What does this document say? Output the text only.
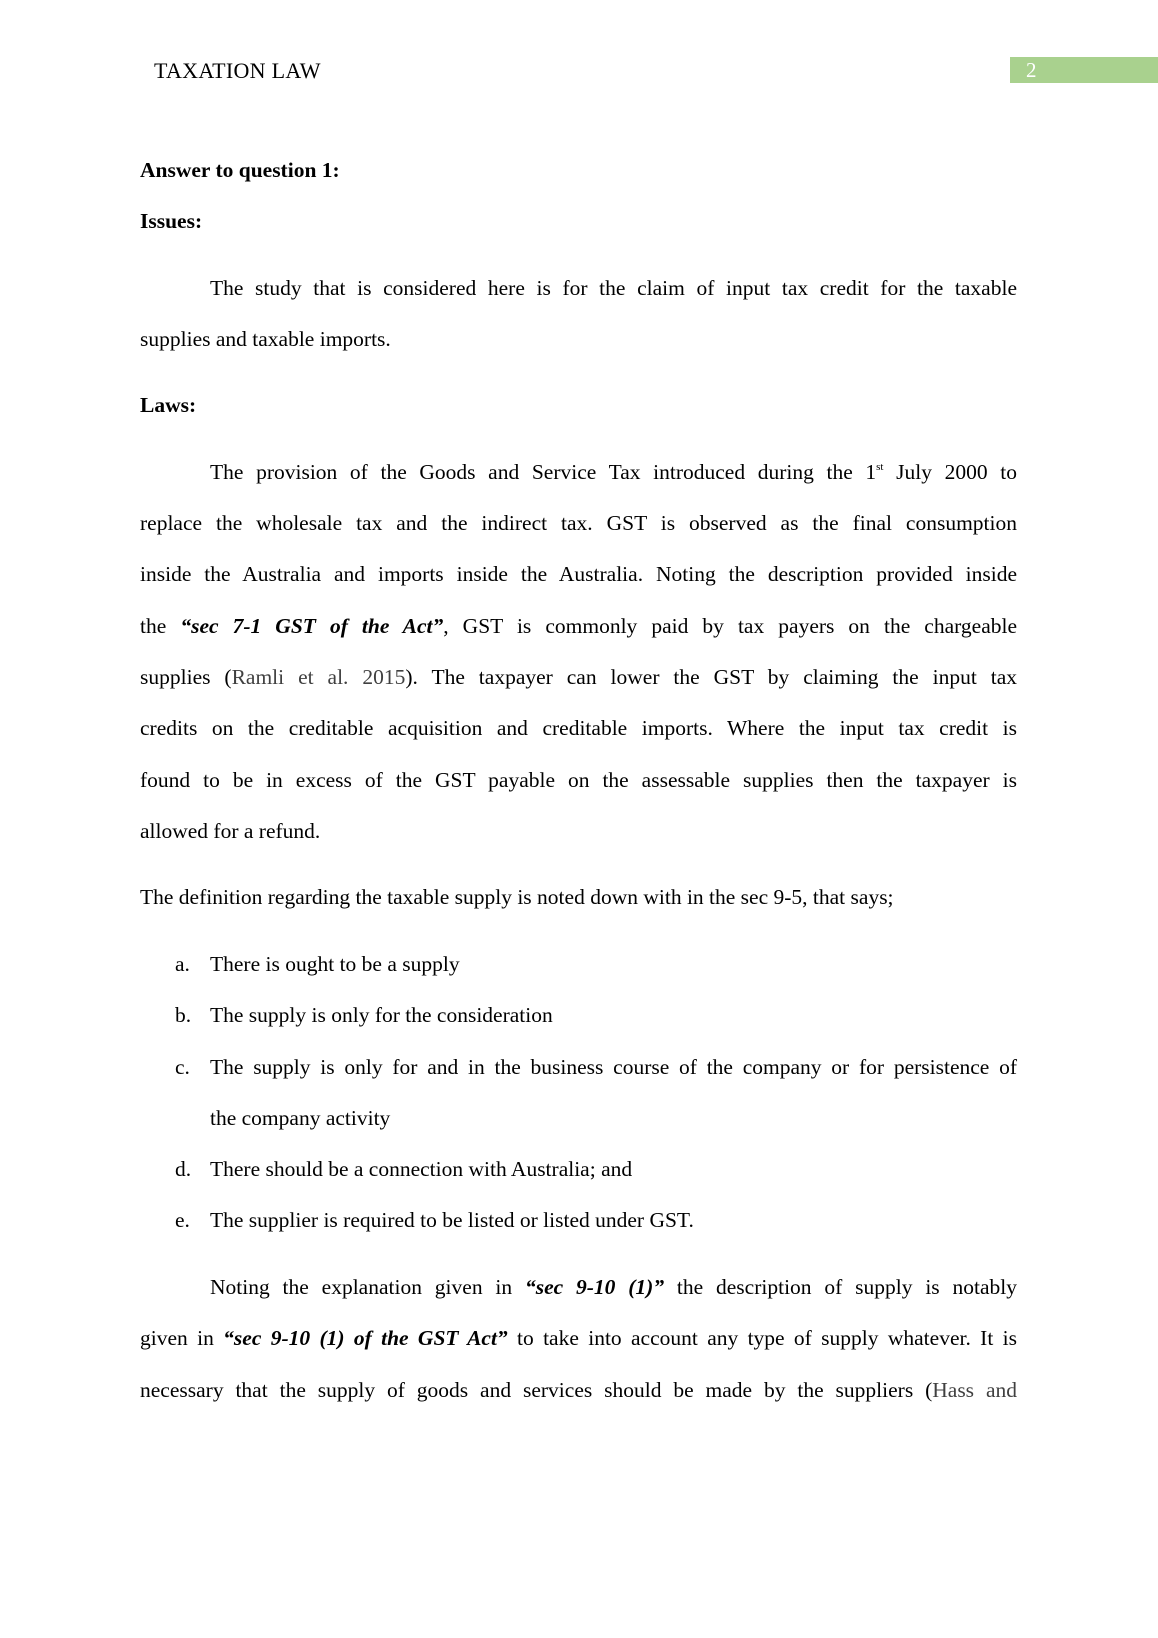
TAXATION LAW	2
Answer to question 1:
Issues:
The study that is considered here is for the claim of input tax credit for the taxable
supplies and taxable imports.
Laws:
The provision of the Goods and Service Tax introduced during the 1st July 2000 to
replace the wholesale tax and the indirect tax. GST is observed as the final consumption
inside the Australia and imports inside the Australia. Noting the description provided inside
the “sec 7-1 GST of the Act”, GST is commonly paid by tax payers on the chargeable
supplies (Ramli et al. 2015). The taxpayer can lower the GST by claiming the input tax
credits on the creditable acquisition and creditable imports. Where the input tax credit is
found to be in excess of the GST payable on the assessable supplies then the taxpayer is
allowed for a refund.
The definition regarding the taxable supply is noted down with in the sec 9-5, that says;
a. There is ought to be a supply
b. The supply is only for the consideration
c. The supply is only for and in the business course of the company or for persistence of
the company activity
d. There should be a connection with Australia; and
e. The supplier is required to be listed or listed under GST.
Noting the explanation given in “sec 9-10 (1)” the description of supply is notably
given in “sec 9-10 (1) of the GST Act” to take into account any type of supply whatever. It is
necessary that the supply of goods and services should be made by the suppliers (Hass and
